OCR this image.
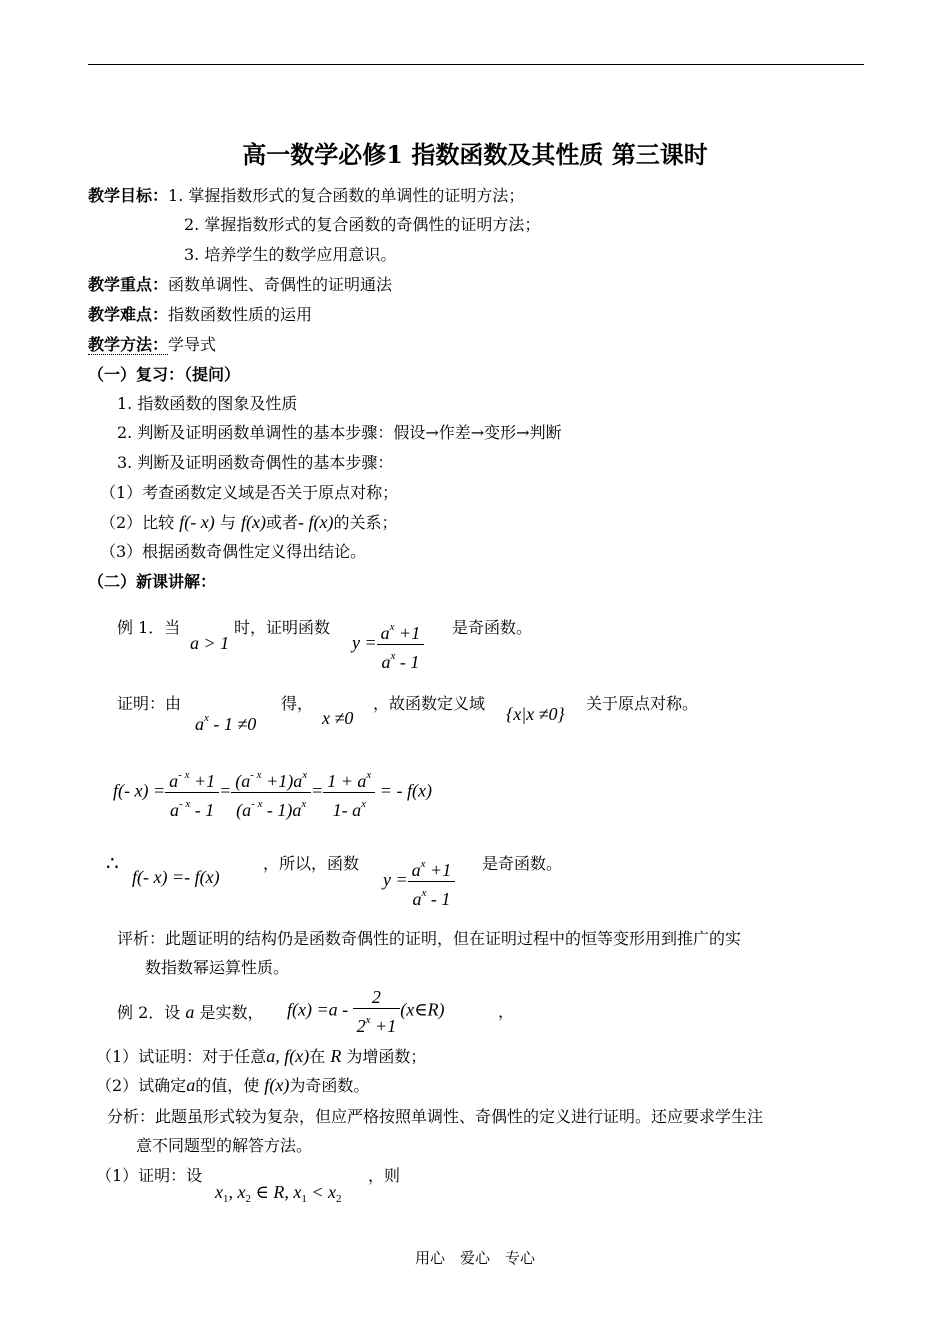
高一数学必修1 指数函数及其性质 第三课时
教学目标：1. 掌握指数形式的复合函数的单调性的证明方法；
2. 掌握指数形式的复合函数的奇偶性的证明方法；
3. 培养学生的数学应用意识。
教学重点：函数单调性、奇偶性的证明通法
教学难点：指数函数性质的运用
教学方法：学导式
（一）复习：（提问）
1. 指数函数的图象及性质
2. 判断及证明函数单调性的基本步骤：假设→作差→变形→判断
3. 判断及证明函数奇偶性的基本步骤：
（1）考查函数定义域是否关于原点对称；
（2）比较 f(- x) 与 f(x)或者- f(x)的关系；
（3）根据函数奇偶性定义得出结论。
（二）新课讲解：
例 1．当
a > 1
时，证明函数
$y = \frac{a^x +1}{a^x - 1}$ 是奇函数。
证明：由
$a^x - 1 \ne 0$
得，
x ≠0
，故函数定义域
{x|x ≠0}
关于原点对称。
f(- $x) = \frac{a^{- x} +1}{a^{- x} - 1} = \frac{(a^{- x} +1)a^x}{(a^{- x} - 1)a^x} = \frac{1 + a^x}{1- a^x}$ = - f(x)
∴
f(- x) =- f(x)
，所以，函数
$y = \frac{a^x +1}{a^x - 1}$ 是奇函数。
评析：此题证明的结构仍是函数奇偶性的证明，但在证明过程中的恒等变形用到推广的实
数指数幂运算性质。
例 2．设 a 是实数， $f(x) =a - \frac{2}{2^x +1}$ (x∈R)	，
（1）试证明：对于任意a, f(x)在 R 为增函数；
（2）试确定a的值，使 f(x)为奇函数。
分析：此题虽形式较为复杂，但应严格按照单调性、奇偶性的定义进行证明。还应要求学生注
意不同题型的解答方法。
（1）证明：设
$x_1$, $x_2$ ∈ R, $x_1 < x_2$
，则
用心　爱心　专心
